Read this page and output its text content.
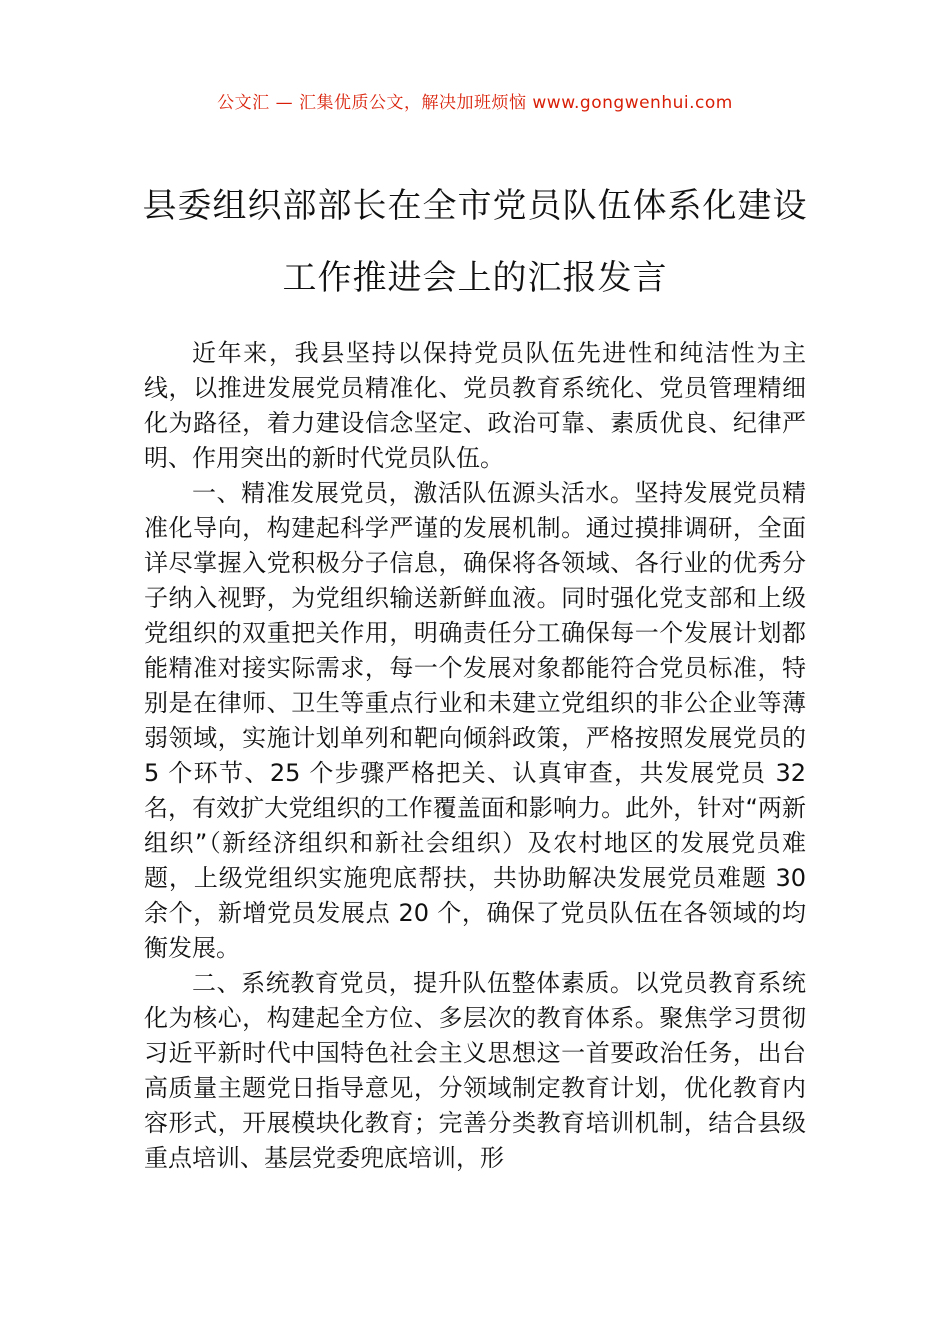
公文汇 — 汇集优质公文，解决加班烦恼 www.gongwenhui.com
县委组织部部长在全市党员队伍体系化建设工作推进会上的汇报发言

近年来，我县坚持以保持党员队伍先进性和纯洁性为主线，以推进发展党员精准化、党员教育系统化、党员管理精细化为路径，着力建设信念坚定、政治可靠、素质优良、纪律严明、作用突出的新时代党员队伍。

一、精准发展党员，激活队伍源头活水。坚持发展党员精准化导向，构建起科学严谨的发展机制。通过摸排调研，全面详尽掌握入党积极分子信息，确保将各领域、各行业的优秀分子纳入视野，为党组织输送新鲜血液。同时强化党支部和上级党组织的双重把关作用，明确责任分工确保每一个发展计划都能精准对接实际需求，每一个发展对象都能符合党员标准，特别是在律师、卫生等重点行业和未建立党组织的非公企业等薄弱领域，实施计划单列和靶向倾斜政策，严格按照发展党员的 5 个环节、25 个步骤严格把关、认真审查，共发展党员 32 名，有效扩大党组织的工作覆盖面和影响力。此外，针对“两新组织”（新经济组织和新社会组织）及农村地区的发展党员难题，上级党组织实施兜底帮扶，共协助解决发展党员难题 30 余个，新增党员发展点 20 个，确保了党员队伍在各领域的均衡发展。

二、系统教育党员，提升队伍整体素质。以党员教育系统化为核心，构建起全方位、多层次的教育体系。聚焦学习贯彻习近平新时代中国特色社会主义思想这一首要政治任务，出台高质量主题党日指导意见，分领域制定教育计划，优化教育内容形式，开展模块化教育；完善分类教育培训机制，结合县级重点培训、基层党委兜底培训，形
